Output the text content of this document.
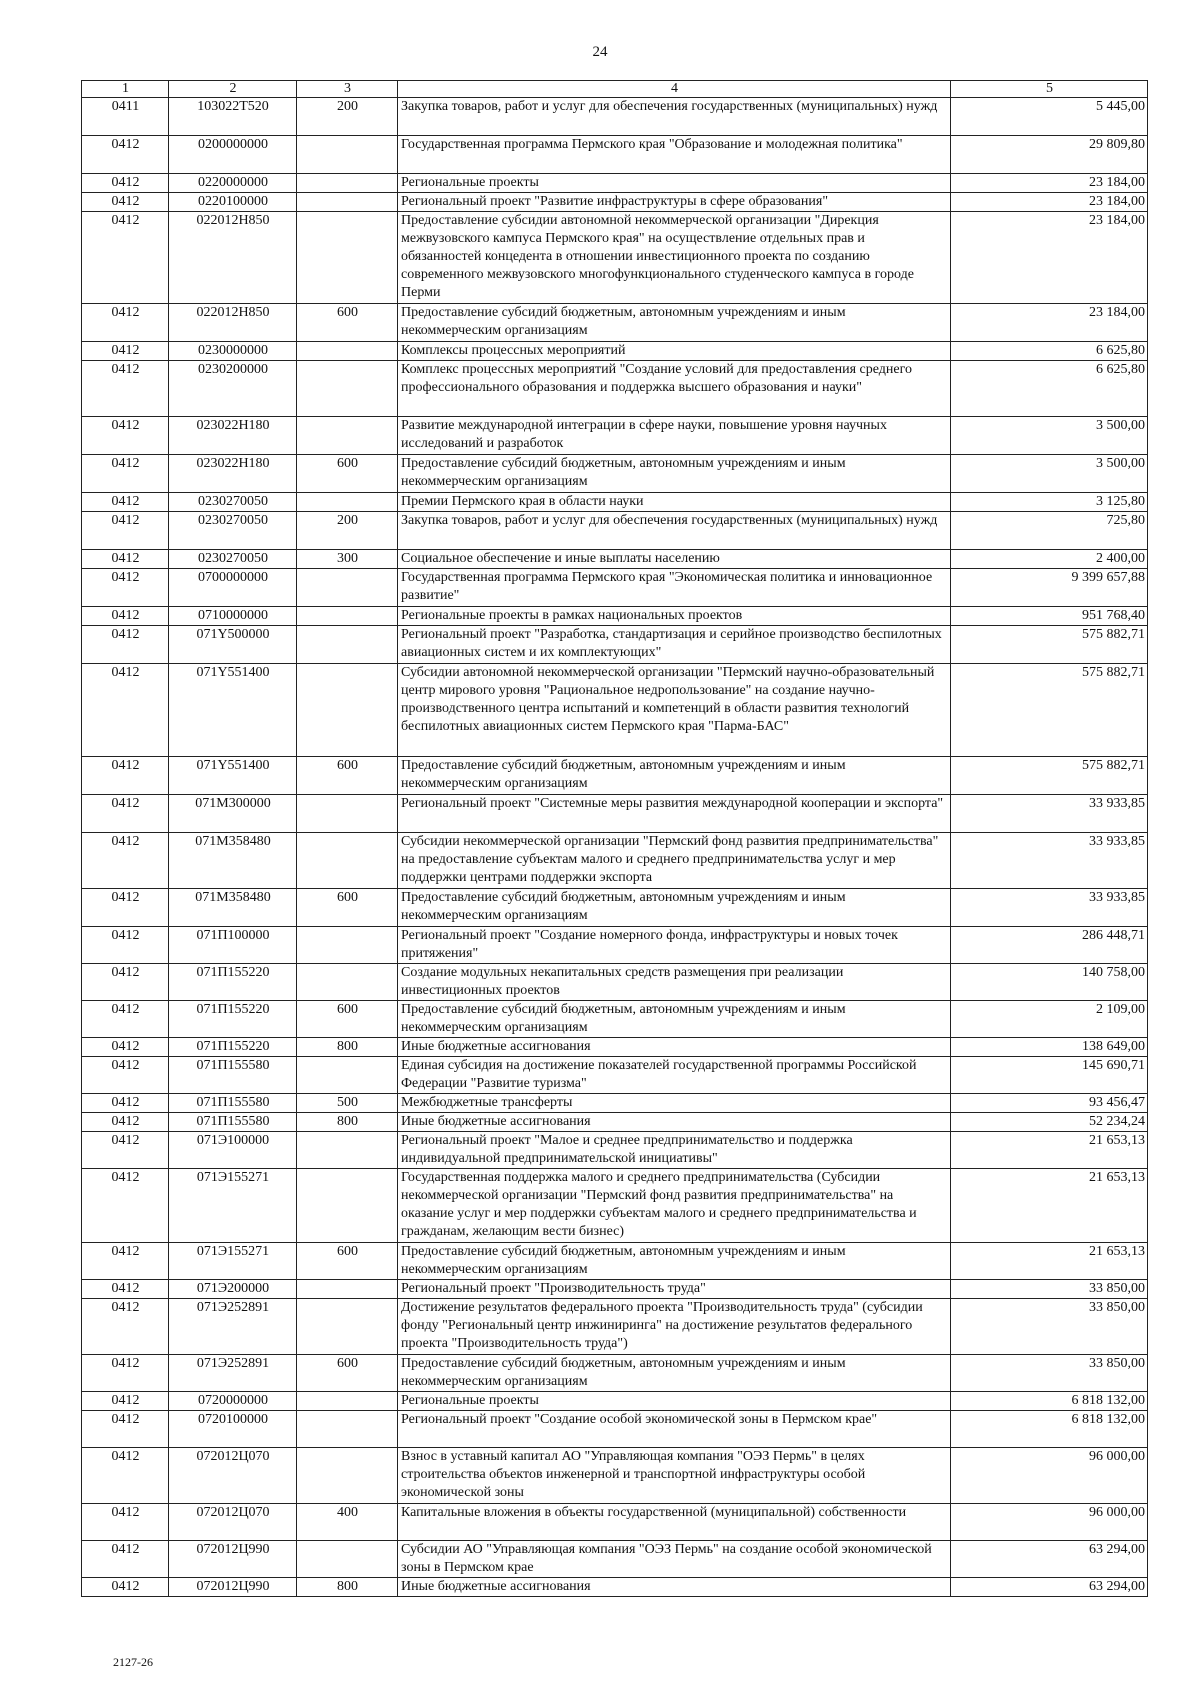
24
1	2	3	4	5
0411	103022Т520	200	Закупка товаров, работ и услуг для обеспечения государственных (муниципальных) нужд	5 445,00
0412	0200000000		Государственная программа Пермского края "Образование и молодежная политика"	29 809,80
0412	0220000000		Региональные проекты	23 184,00
0412	0220100000		Региональный проект "Развитие инфраструктуры в сфере образования"	23 184,00
0412	022012Н850		Предоставление субсидии автономной некоммерческой организации "Дирекция межвузовского кампуса Пермского края" на осуществление отдельных прав и обязанностей концедента в отношении инвестиционного проекта по созданию современного межвузовского многофункционального студенческого кампуса в городе Перми	23 184,00
0412	022012Н850	600	Предоставление субсидий бюджетным, автономным учреждениям и иным некоммерческим организациям	23 184,00
0412	0230000000		Комплексы процессных мероприятий	6 625,80
0412	0230200000		Комплекс процессных мероприятий "Создание условий для предоставления среднего профессионального образования и поддержка высшего образования и науки"	6 625,80
0412	023022Н180		Развитие международной интеграции в сфере науки, повышение уровня научных исследований и разработок	3 500,00
0412	023022Н180	600	Предоставление субсидий бюджетным, автономным учреждениям и иным некоммерческим организациям	3 500,00
0412	0230270050		Премии Пермского края в области науки	3 125,80
0412	0230270050	200	Закупка товаров, работ и услуг для обеспечения государственных (муниципальных) нужд	725,80
0412	0230270050	300	Социальное обеспечение и иные выплаты населению	2 400,00
0412	0700000000		Государственная программа Пермского края "Экономическая политика и инновационное развитие"	9 399 657,88
0412	0710000000		Региональные проекты в рамках национальных проектов	951 768,40
0412	071Y500000		Региональный проект "Разработка, стандартизация и серийное производство беспилотных авиационных систем и их комплектующих"	575 882,71
0412	071Y551400		Субсидии автономной некоммерческой организации "Пермский научно-образовательный центр мирового уровня "Рациональное недропользование" на создание научно-производственного центра испытаний и компетенций в области развития технологий беспилотных авиационных систем Пермского края "Парма-БАС"	575 882,71
0412	071Y551400	600	Предоставление субсидий бюджетным, автономным учреждениям и иным некоммерческим организациям	575 882,71
0412	071M300000		Региональный проект "Системные меры развития международной кооперации и экспорта"	33 933,85
0412	071M358480		Субсидии некоммерческой организации "Пермский фонд развития предпринимательства" на предоставление субъектам малого и среднего предпринимательства услуг и мер поддержки центрами поддержки экспорта	33 933,85
0412	071M358480	600	Предоставление субсидий бюджетным, автономным учреждениям и иным некоммерческим организациям	33 933,85
0412	071П100000		Региональный проект "Создание номерного фонда, инфраструктуры и новых точек притяжения"	286 448,71
0412	071П155220		Создание модульных некапитальных средств размещения при реализации инвестиционных проектов	140 758,00
0412	071П155220	600	Предоставление субсидий бюджетным, автономным учреждениям и иным некоммерческим организациям	2 109,00
0412	071П155220	800	Иные бюджетные ассигнования	138 649,00
0412	071П155580		Единая субсидия на достижение показателей государственной программы Российской Федерации "Развитие туризма"	145 690,71
0412	071П155580	500	Межбюджетные трансферты	93 456,47
0412	071П155580	800	Иные бюджетные ассигнования	52 234,24
0412	071Э100000		Региональный проект "Малое и среднее предпринимательство и поддержка индивидуальной предпринимательской инициативы"	21 653,13
0412	071Э155271		Государственная поддержка малого и среднего предпринимательства (Субсидии некоммерческой организации "Пермский фонд развития предпринимательства" на оказание услуг и мер поддержки субъектам малого и среднего предпринимательства и гражданам, желающим вести бизнес)	21 653,13
0412	071Э155271	600	Предоставление субсидий бюджетным, автономным учреждениям и иным некоммерческим организациям	21 653,13
0412	071Э200000		Региональный проект "Производительность труда"	33 850,00
0412	071Э252891		Достижение результатов федерального проекта "Производительность труда" (субсидии фонду "Региональный центр инжиниринга" на достижение результатов федерального проекта "Производительность труда")	33 850,00
0412	071Э252891	600	Предоставление субсидий бюджетным, автономным учреждениям и иным некоммерческим организациям	33 850,00
0412	0720000000		Региональные проекты	6 818 132,00
0412	0720100000		Региональный проект "Создание особой экономической зоны в Пермском крае"	6 818 132,00
0412	072012Ц070		Взнос в уставный капитал АО "Управляющая компания "ОЭЗ Пермь" в целях строительства объектов инженерной и транспортной инфраструктуры особой экономической зоны	96 000,00
0412	072012Ц070	400	Капитальные вложения в объекты государственной (муниципальной) собственности	96 000,00
0412	072012Ц990		Субсидии АО "Управляющая компания "ОЭЗ Пермь" на создание особой экономической зоны в Пермском крае	63 294,00
0412	072012Ц990	800	Иные бюджетные ассигнования	63 294,00
2127-26
